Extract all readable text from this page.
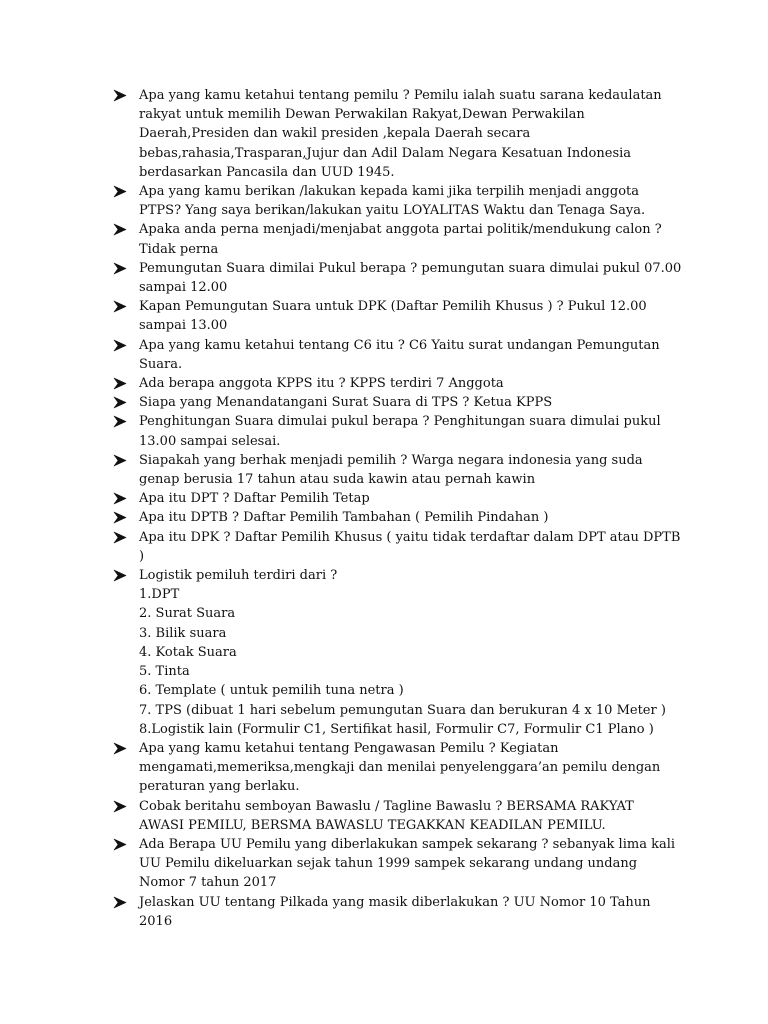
Apa yang kamu ketahui tentang pemilu ? Pemilu ialah suatu sarana kedaulatan rakyat untuk memilih Dewan Perwakilan Rakyat,Dewan Perwakilan Daerah,Presiden dan wakil presiden ,kepala Daerah secara bebas,rahasia,Trasparan,Jujur dan Adil Dalam Negara Kesatuan Indonesia berdasarkan Pancasila dan UUD 1945.
Apa yang kamu berikan /lakukan kepada kami jika terpilih menjadi anggota PTPS? Yang saya berikan/lakukan yaitu LOYALITAS Waktu dan Tenaga Saya.
Apaka anda perna menjadi/menjabat anggota partai politik/mendukung calon ? Tidak perna
Pemungutan Suara dimilai Pukul berapa ? pemungutan suara dimulai pukul 07.00 sampai 12.00
Kapan Pemungutan Suara untuk DPK (Daftar Pemilih Khusus ) ? Pukul 12.00 sampai 13.00
Apa yang kamu ketahui tentang C6 itu ? C6 Yaitu surat undangan Pemungutan Suara.
Ada berapa anggota KPPS itu ? KPPS terdiri 7 Anggota
Siapa yang Menandatangani Surat Suara di TPS ? Ketua KPPS
Penghitungan Suara dimulai pukul berapa ? Penghitungan suara dimulai pukul 13.00 sampai selesai.
Siapakah yang berhak menjadi pemilih ? Warga negara indonesia yang suda genap berusia 17 tahun atau suda kawin atau pernah kawin
Apa itu DPT ? Daftar Pemilih Tetap
Apa itu DPTB ? Daftar Pemilih Tambahan ( Pemilih Pindahan )
Apa itu DPK ? Daftar Pemilih Khusus ( yaitu tidak terdaftar dalam DPT atau DPTB )
Logistik pemiluh terdiri dari ?
1.DPT
2. Surat Suara
3. Bilik suara
4. Kotak Suara
5. Tinta
6. Template ( untuk pemilih tuna netra )
7. TPS (dibuat 1 hari sebelum pemungutan Suara dan berukuran 4 x 10 Meter )
8.Logistik lain (Formulir C1, Sertifikat hasil, Formulir C7, Formulir C1 Plano )
Apa yang kamu ketahui tentang Pengawasan Pemilu ? Kegiatan mengamati,memeriksa,mengkaji dan menilai penyelenggara’an pemilu dengan peraturan yang berlaku.
Cobak beritahu semboyan Bawaslu / Tagline Bawaslu ? BERSAMA RAKYAT AWASI PEMILU, BERSMA BAWASLU TEGAKKAN KEADILAN PEMILU.
Ada Berapa UU Pemilu yang diberlakukan sampek sekarang ? sebanyak lima kali UU Pemilu dikeluarkan sejak tahun 1999 sampek sekarang undang undang Nomor 7 tahun 2017
Jelaskan UU tentang Pilkada yang masik diberlakukan ? UU Nomor 10 Tahun 2016
